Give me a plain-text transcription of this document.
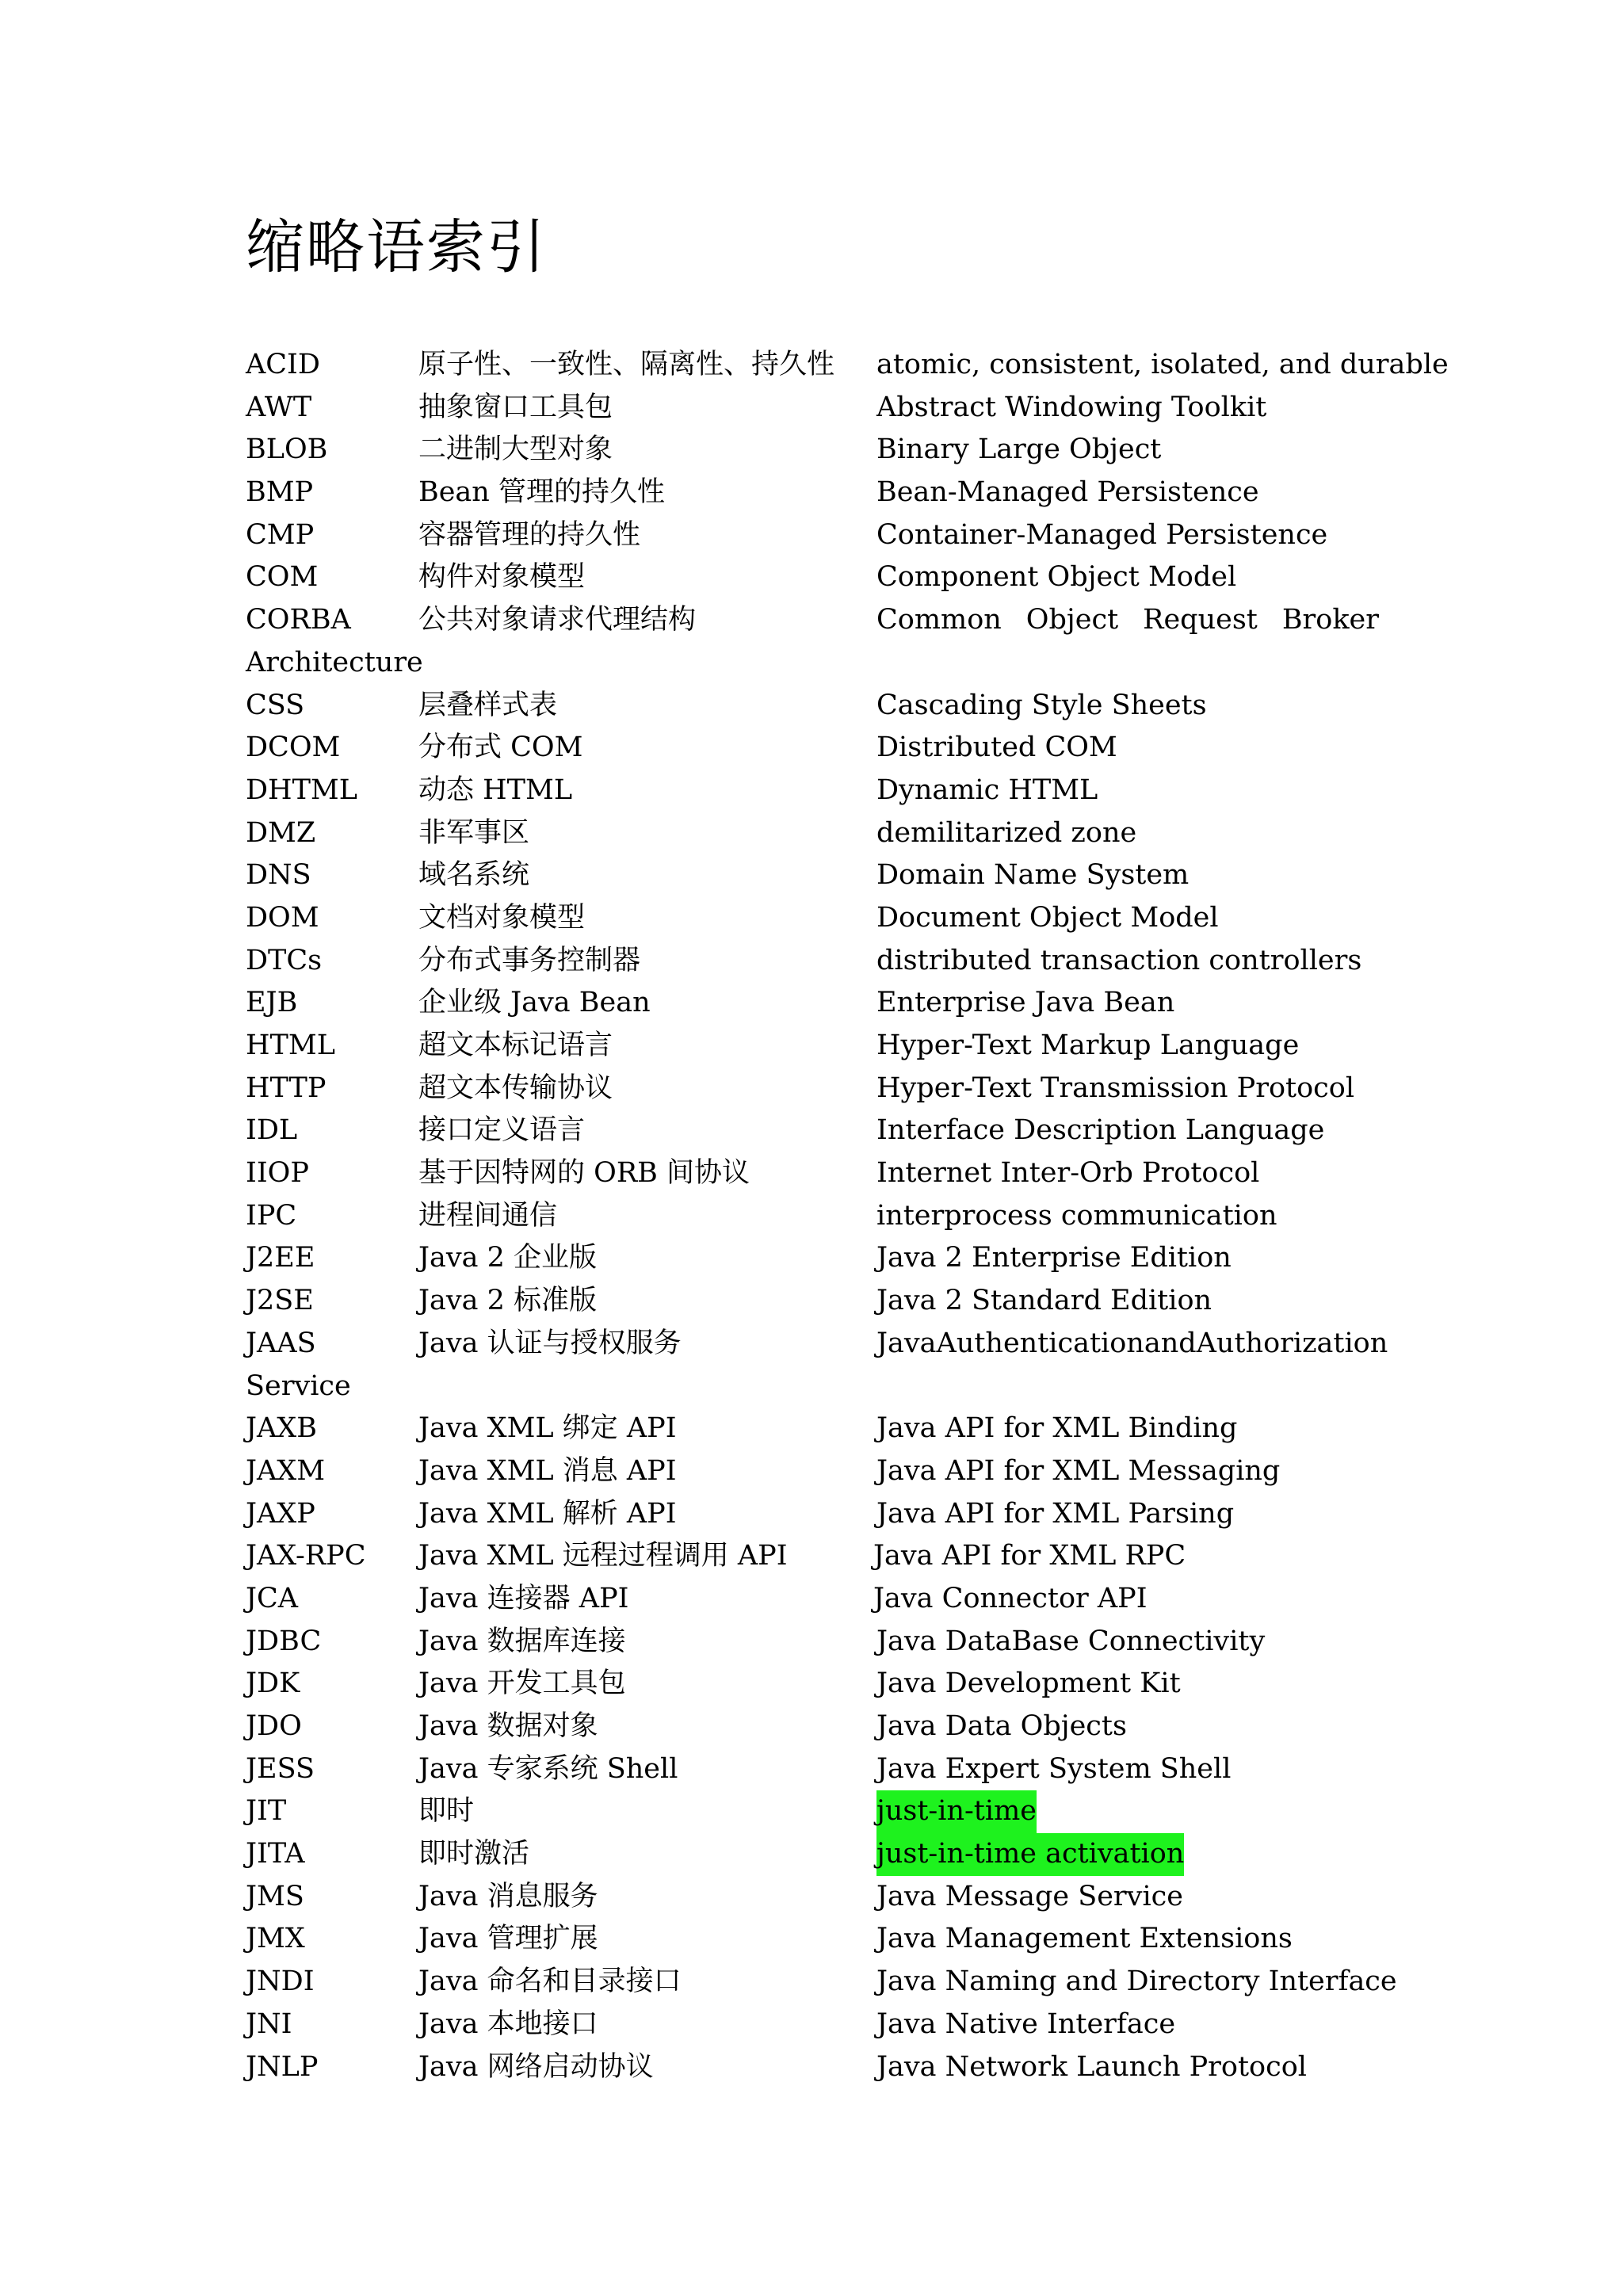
缩略语索引
ACID	原子性、一致性、隔离性、持久性 atomic, consistent, isolated, and durable
AWT	抽象窗口工具包	Abstract Windowing Toolkit
BLOB	二进制大型对象	Binary Large Object
BMP	Bean 管理的持久性	Bean-Managed Persistence
CMP	容器管理的持久性	Container-Managed Persistence
COM	构件对象模型	Component Object Model
CORBA 公共对象请求代理结构	Common Object Request Broker
Architecture
CSS	层叠样式表	Cascading Style Sheets
DCOM	分布式 COM	Distributed COM
DHTML 动态 HTML	Dynamic HTML
DMZ	非军事区	demilitarized zone
DNS	域名系统	Domain Name System
DOM	文档对象模型	Document Object Model
DTCs	分布式事务控制器	distributed transaction controllers
EJB	企业级 Java Bean	Enterprise Java Bean
HTML	超文本标记语言	Hyper-Text Markup Language
HTTP	超文本传输协议	Hyper-Text Transmission Protocol
IDL	接口定义语言	Interface Description Language
IIOP	基于因特网的 ORB 间协议	Internet Inter-Orb Protocol
IPC	进程间通信	interprocess communication
J2EE	Java 2 企业版	Java 2 Enterprise Edition
J2SE	Java 2 标准版	Java 2 Standard Edition
JAAS	Java 认证与授权服务	Java Authentication and Authorization
Service
JAXB	Java XML 绑定 API	Java API for XML Binding
JAXM	Java XML 消息 API	Java API for XML Messaging
JAXP	Java XML 解析 API	Java API for XML Parsing
JAX-RPC Java XML 远程过程调用 API	Java API for XML RPC
JCA	Java 连接器 API	Java Connector API
JDBC	Java 数据库连接	Java DataBase Connectivity
JDK	Java 开发工具包	Java Development Kit
JDO	Java 数据对象	Java Data Objects
JESS	Java 专家系统 Shell	Java Expert System Shell
JIT	即时	just-in-time
JITA	即时激活	just-in-time activation
JMS	Java 消息服务	Java Message Service
JMX	Java 管理扩展	Java Management Extensions
JNDI	Java 命名和目录接口	Java Naming and Directory Interface
JNI	Java 本地接口	Java Native Interface
JNLP	Java 网络启动协议	Java Network Launch Protocol
